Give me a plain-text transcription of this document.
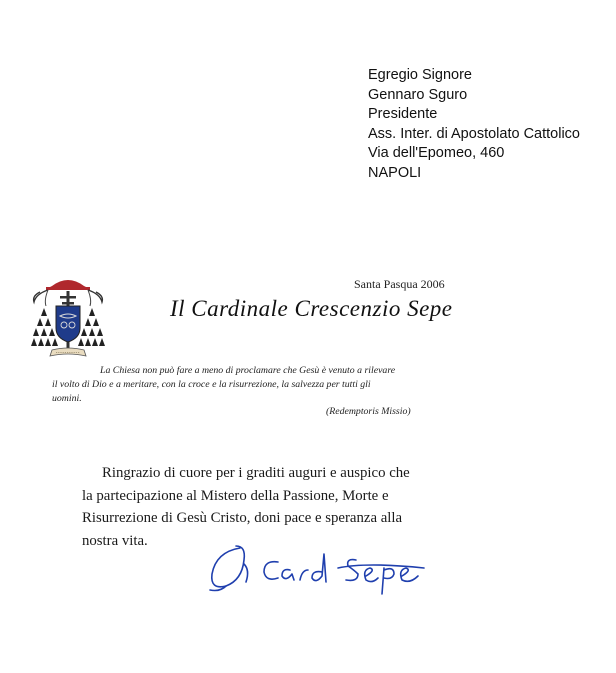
Egregio Signore
Gennaro Sguro
Presidente
Ass. Inter. di Apostolato Cattolico
Via dell'Epomeo, 460
NAPOLI
Santa Pasqua 2006
Il Cardinale Crescenzio Sepe
La Chiesa non può fare a meno di proclamare che Gesù è venuto a rilevare
il volto di Dio e a meritare, con la croce e la risurrezione, la salvezza per tutti gli
uomini.
(Redemptoris Missio)
Ringrazio di cuore per i graditi auguri e auspico che
la partecipazione al Mistero della Passione, Morte e
Risurrezione di Gesù Cristo, doni pace e speranza alla
nostra vita.
